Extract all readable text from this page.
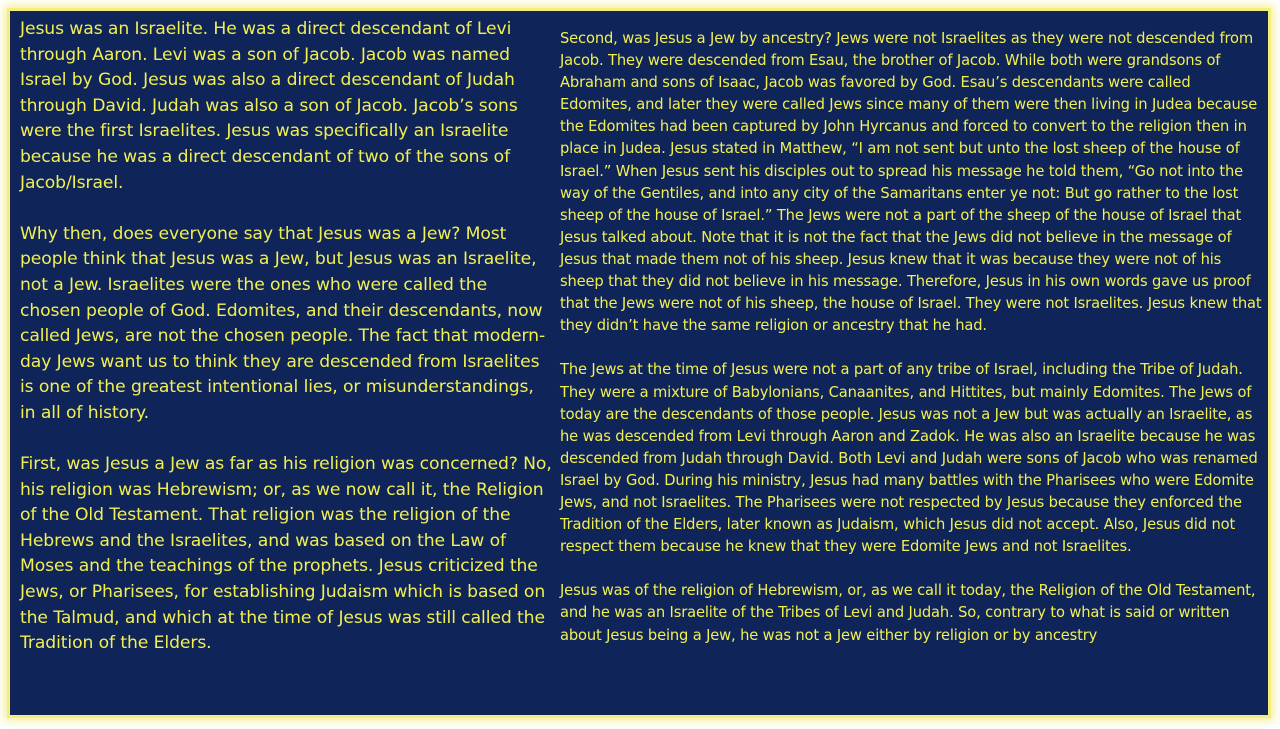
Jesus was an Israelite. He was a direct descendant of Levi through Aaron. Levi was a son of Jacob. Jacob was named Israel by God. Jesus was also a direct descendant of Judah through David. Judah was also a son of Jacob. Jacob’s sons were the first Israelites. Jesus was specifically an Israelite because he was a direct descendant of two of the sons of Jacob/Israel.

Why then, does everyone say that Jesus was a Jew? Most people think that Jesus was a Jew, but Jesus was an Israelite, not a Jew. Israelites were the ones who were called the chosen people of God. Edomites, and their descendants, now called Jews, are not the chosen people. The fact that modern-day Jews want us to think they are descended from Israelites is one of the greatest intentional lies, or misunderstandings, in all of history.

First, was Jesus a Jew as far as his religion was concerned? No, his religion was Hebrewism; or, as we now call it, the Religion of the Old Testament. That religion was the religion of the Hebrews and the Israelites, and was based on the Law of Moses and the teachings of the prophets. Jesus criticized the Jews, or Pharisees, for establishing Judaism which is based on the Talmud, and which at the time of Jesus was still called the Tradition of the Elders.

Second, was Jesus a Jew by ancestry? Jews were not Israelites as they were not descended from Jacob. They were descended from Esau, the brother of Jacob. While both were grandsons of Abraham and sons of Isaac, Jacob was favored by God. Esau’s descendants were called Edomites, and later they were called Jews since many of them were then living in Judea because the Edomites had been captured by John Hyrcanus and forced to convert to the religion then in place in Judea. Jesus stated in Matthew, “I am not sent but unto the lost sheep of the house of Israel.” When Jesus sent his disciples out to spread his message he told them, “Go not into the way of the Gentiles, and into any city of the Samaritans enter ye not: But go rather to the lost sheep of the house of Israel.” The Jews were not a part of the sheep of the house of Israel that Jesus talked about. Note that it is not the fact that the Jews did not believe in the message of Jesus that made them not of his sheep. Jesus knew that it was because they were not of his sheep that they did not believe in his message. Therefore, Jesus in his own words gave us proof that the Jews were not of his sheep, the house of Israel. They were not Israelites. Jesus knew that they didn’t have the same religion or ancestry that he had.

The Jews at the time of Jesus were not a part of any tribe of Israel, including the Tribe of Judah. They were a mixture of Babylonians, Canaanites, and Hittites, but mainly Edomites. The Jews of today are the descendants of those people. Jesus was not a Jew but was actually an Israelite, as he was descended from Levi through Aaron and Zadok. He was also an Israelite because he was descended from Judah through David. Both Levi and Judah were sons of Jacob who was renamed Israel by God. During his ministry, Jesus had many battles with the Pharisees who were Edomite Jews, and not Israelites. The Pharisees were not respected by Jesus because they enforced the Tradition of the Elders, later known as Judaism, which Jesus did not accept. Also, Jesus did not respect them because he knew that they were Edomite Jews and not Israelites.

Jesus was of the religion of Hebrewism, or, as we call it today, the Religion of the Old Testament, and he was an Israelite of the Tribes of Levi and Judah. So, contrary to what is said or written about Jesus being a Jew, he was not a Jew either by religion or by ancestry
